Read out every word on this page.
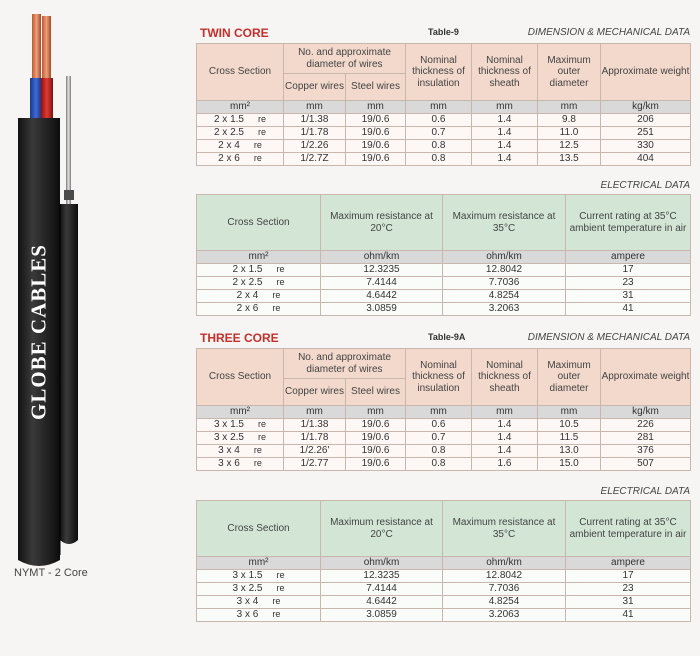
GLOBE CABLES
NYMT - 2 Core
TWIN CORE	Table-9	DIMENSION & MECHANICAL DATA
Cross Section	No. and approximate diameter of wires		Nominal thickness of insulation	Nominal thickness of sheath	Maximum outer diameter	Approximate weight
	Copper wires	Steel wires				
mm²	mm	mm	mm	mm	mm	kg/km

2 x 1.5 re	1/1.38	19/0.6	0.6	1.4	9.8	206

2 x 2.5 re	1/1.78	19/0.6	0.7	1.4	11.0	251

2 x 4 re	1/2.26	19/0.6	0.8	1.4	12.5	330

2 x 6 re	1/2.7Z	19/0.6	0.8	1.4	13.5	404
ELECTRICAL DATA
Cross Section	Maximum resistance at 20°C	Maximum resistance at 35°C	Current rating at 35°C ambient temperature in air
mm²	ohm/km	ohm/km	ampere

2 x 1.5 re	12.3235	12.8042	17

2 x 2.5 re	7.4144	7.7036	23

2 x 4 re	4.6442	4.8254	31

2 x 6 re	3.0859	3.2063	41
THREE CORE	Table-9A	DIMENSION & MECHANICAL DATA
Cross Section	No. and approximate diameter of wires		Nominal thickness of insulation	Nominal thickness of sheath	Maximum outer diameter	Approximate weight
	Copper wires	Steel wires				
mm²	mm	mm	mm	mm	mm	kg/km

3 x 1.5 re	1/1.38	19/0.6	0.6	1.4	10.5	226

3 x 2.5 re	1/1.78	19/0.6	0.7	1.4	11.5	281

3 x 4 re	1/2.26'	19/0.6	0.8	1.4	13.0	376

3 x 6 re	1/2.77	19/0.6	0.8	1.6	15.0	507
ELECTRICAL DATA
Cross Section	Maximum resistance at 20°C	Maximum resistance at 35°C	Current rating at 35°C ambient temperature in air
mm²	ohm/km	ohm/km	ampere

3 x 1.5 re	12.3235	12.8042	17

3 x 2.5 re	7.4144	7.7036	23

3 x 4 re	4.6442	4.8254	31

3 x 6 re	3.0859	3.2063	41
